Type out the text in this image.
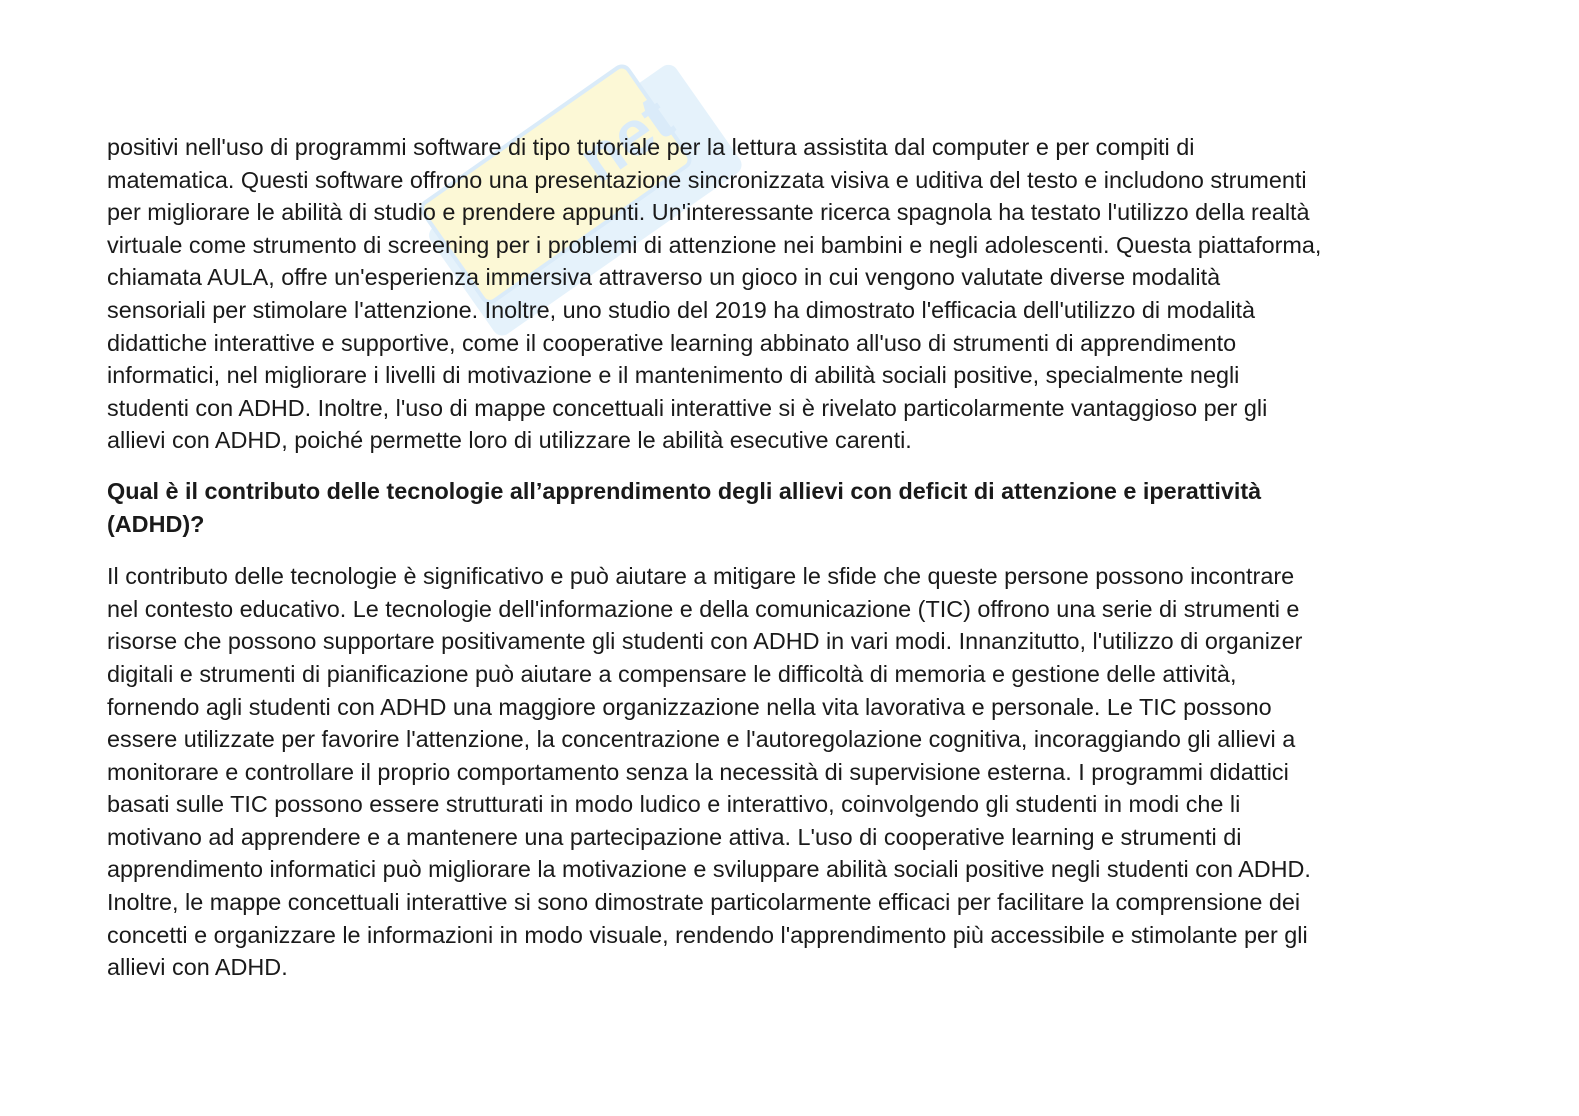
net

positivi nell'uso di programmi software di tipo tutoriale per la lettura assistita dal computer e per compiti di
matematica. Questi software offrono una presentazione sincronizzata visiva e uditiva del testo e includono strumenti
per migliorare le abilità di studio e prendere appunti. Un'interessante ricerca spagnola ha testato l'utilizzo della realtà
virtuale come strumento di screening per i problemi di attenzione nei bambini e negli adolescenti. Questa piattaforma,
chiamata AULA, offre un'esperienza immersiva attraverso un gioco in cui vengono valutate diverse modalità
sensoriali per stimolare l'attenzione. Inoltre, uno studio del 2019 ha dimostrato l'efficacia dell'utilizzo di modalità
didattiche interattive e supportive, come il cooperative learning abbinato all'uso di strumenti di apprendimento
informatici, nel migliorare i livelli di motivazione e il mantenimento di abilità sociali positive, specialmente negli
studenti con ADHD. Inoltre, l'uso di mappe concettuali interattive si è rivelato particolarmente vantaggioso per gli
allievi con ADHD, poiché permette loro di utilizzare le abilità esecutive carenti.

Qual è il contributo delle tecnologie all’apprendimento degli allievi con deficit di attenzione e iperattività
(ADHD)?

Il contributo delle tecnologie è significativo e può aiutare a mitigare le sfide che queste persone possono incontrare
nel contesto educativo. Le tecnologie dell'informazione e della comunicazione (TIC) offrono una serie di strumenti e
risorse che possono supportare positivamente gli studenti con ADHD in vari modi. Innanzitutto, l'utilizzo di organizer
digitali e strumenti di pianificazione può aiutare a compensare le difficoltà di memoria e gestione delle attività,
fornendo agli studenti con ADHD una maggiore organizzazione nella vita lavorativa e personale. Le TIC possono
essere utilizzate per favorire l'attenzione, la concentrazione e l'autoregolazione cognitiva, incoraggiando gli allievi a
monitorare e controllare il proprio comportamento senza la necessità di supervisione esterna. I programmi didattici
basati sulle TIC possono essere strutturati in modo ludico e interattivo, coinvolgendo gli studenti in modi che li
motivano ad apprendere e a mantenere una partecipazione attiva. L'uso di cooperative learning e strumenti di
apprendimento informatici può migliorare la motivazione e sviluppare abilità sociali positive negli studenti con ADHD.
Inoltre, le mappe concettuali interattive si sono dimostrate particolarmente efficaci per facilitare la comprensione dei
concetti e organizzare le informazioni in modo visuale, rendendo l'apprendimento più accessibile e stimolante per gli
allievi con ADHD.
